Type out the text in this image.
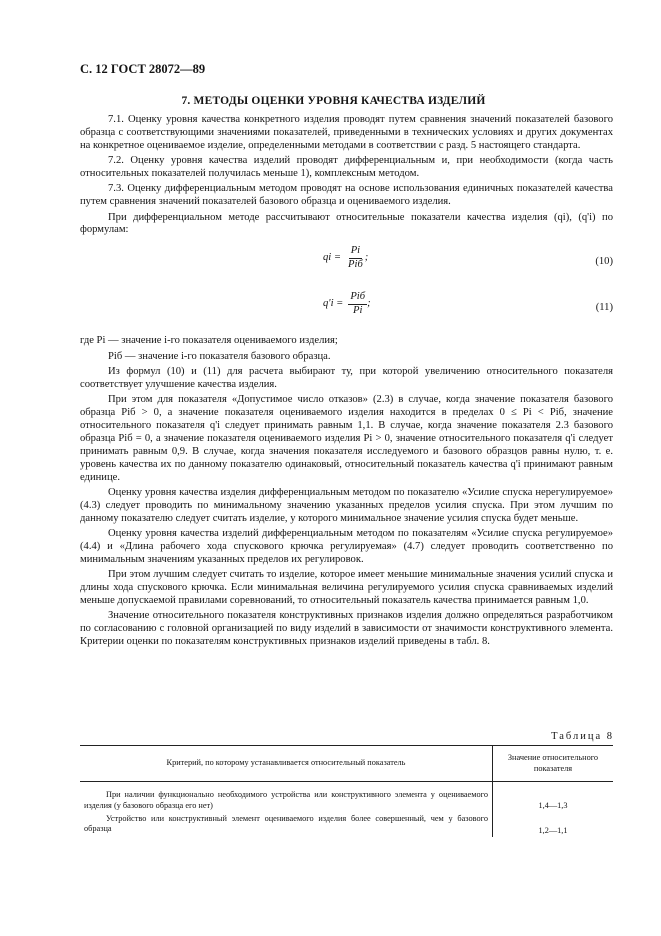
С. 12 ГОСТ 28072—89
7. МЕТОДЫ ОЦЕНКИ УРОВНЯ КАЧЕСТВА ИЗДЕЛИЙ

7.1. Оценку уровня качества конкретного изделия проводят путем сравнения значений показателей базового образца с соответствующими значениями показателей, приведенными в технических условиях и других документах на конкретное оцениваемое изделие, определенными методами в соответствии с разд. 5 настоящего стандарта.

7.2. Оценку уровня качества изделий проводят дифференциальным и, при необходимости (когда часть относительных показателей получилась меньше 1), комплексным методом.

7.3. Оценку дифференциальным методом проводят на основе использования единичных показателей качества путем сравнения значений показателей базового образца и оцениваемого изделия.

При дифференциальном методе рассчитывают относительные показатели качества изделия (qi), (q'i) по формулам:

qi = $\frac{Pi}{\text{Piб}}$ ;	(10)
$q'i = \frac{\text{Piб}}{Pi}$ ;	(11)

где Pi — значение i-го показателя оцениваемого изделия;

Piб — значение i-го показателя базового образца.

Из формул (10) и (11) для расчета выбирают ту, при которой увеличению относительного показателя соответствует улучшение качества изделия.

При этом для показателя «Допустимое число отказов» (2.3) в случае, когда значение показателя базового образца Piб > 0, а значение показателя оцениваемого изделия находится в пределах 0 ≤ Pi < Piб, значение относительного показателя q'i следует принимать равным 1,1. В случае, когда значение показателя 2.3 базового образца Piб = 0, а значение показателя оцениваемого изделия Pi > 0, значение относительного показателя q'i следует принимать равным 0,9. В случае, когда значения показателя исследуемого и базового образцов равны нулю, т. е. уровень качества их по данному показателю одинаковый, относительный показатель качества q'i принимают равным единице.

Оценку уровня качества изделия дифференциальным методом по показателю «Усилие спуска нерегулируемое» (4.3) следует проводить по минимальному значению указанных пределов усилия спуска. При этом лучшим по данному показателю следует считать изделие, у которого минимальное значение усилия спуска будет меньше.

Оценку уровня качества изделий дифференциальным методом по показателям «Усилие спуска регулируемое» (4.4) и «Длина рабочего хода спускового крючка регулируемая» (4.7) следует проводить соответственно по минимальным значениям указанных пределов их регулировок.

При этом лучшим следует считать то изделие, которое имеет меньшие минимальные значения усилий спуска и длины хода спускового крючка. Если минимальная величина регулируемого усилия спуска сравниваемых изделий меньше допускаемой правилами соревнований, то относительный показатель качества принимается равным 1,0.

Значение относительного показателя конструктивных признаков изделия должно определяться разработчиком по согласованию с головной организацией по виду изделий в зависимости от значимости конструктивного элемента. Критерии оценки по показателям конструктивных признаков изделий приведены в табл. 8.

Таблица 8
Критерий, по которому устанавливается относительный показатель	Значение относительного показателя
При наличии функционально необходимого устройства или конструктивного элемента у оцениваемого изделия (у базового образца его нет)	1,4—1,3
Устройство или конструктивный элемент оцениваемого изделия более совершенный, чем у базового образца	1,2—1,1
